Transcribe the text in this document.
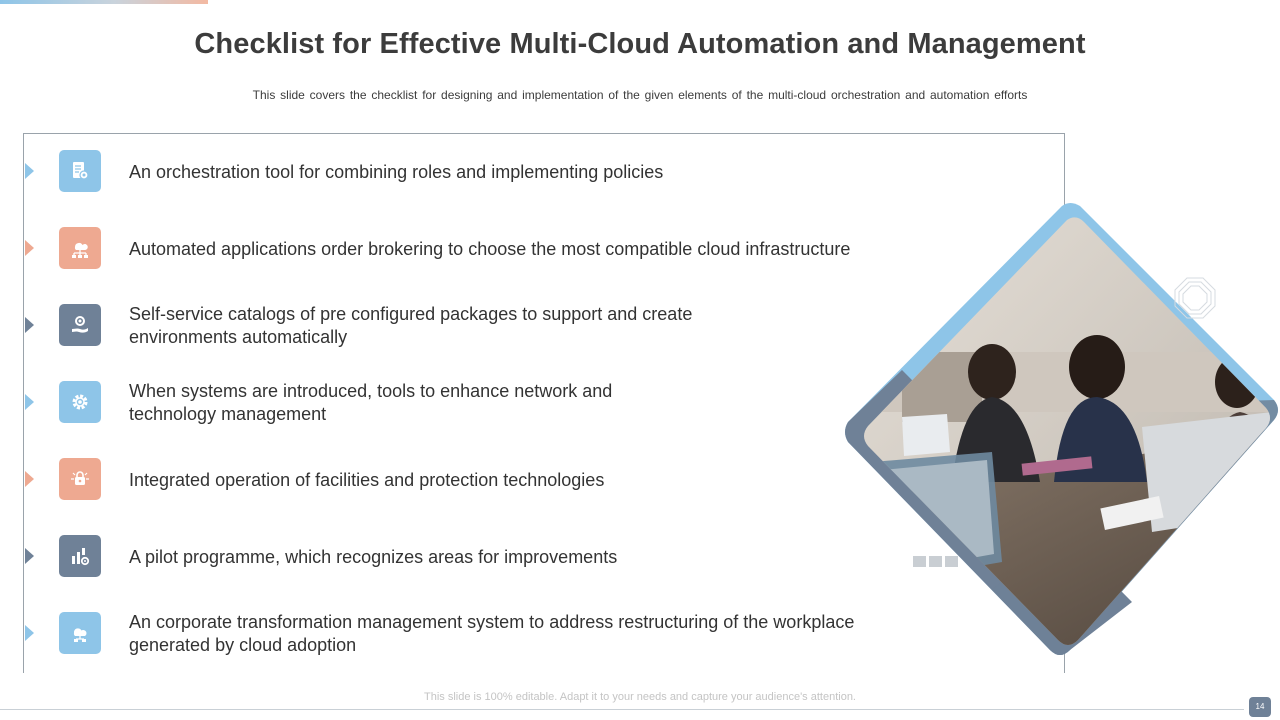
Checklist for Effective Multi-Cloud Automation and Management
This slide covers the checklist for designing and implementation of the given elements of the multi-cloud orchestration and automation efforts
An orchestration tool for combining roles and implementing policies
Automated applications order brokering to choose the most compatible cloud infrastructure
Self-service catalogs of pre configured packages to support and create
environments automatically
When systems are introduced, tools to enhance network and
technology management
Integrated operation of facilities and protection technologies
A pilot programme, which recognizes areas for improvements
An corporate transformation management system to address restructuring of the workplace
generated by cloud adoption
This slide is 100% editable. Adapt it to your needs and capture your audience's attention.
14
